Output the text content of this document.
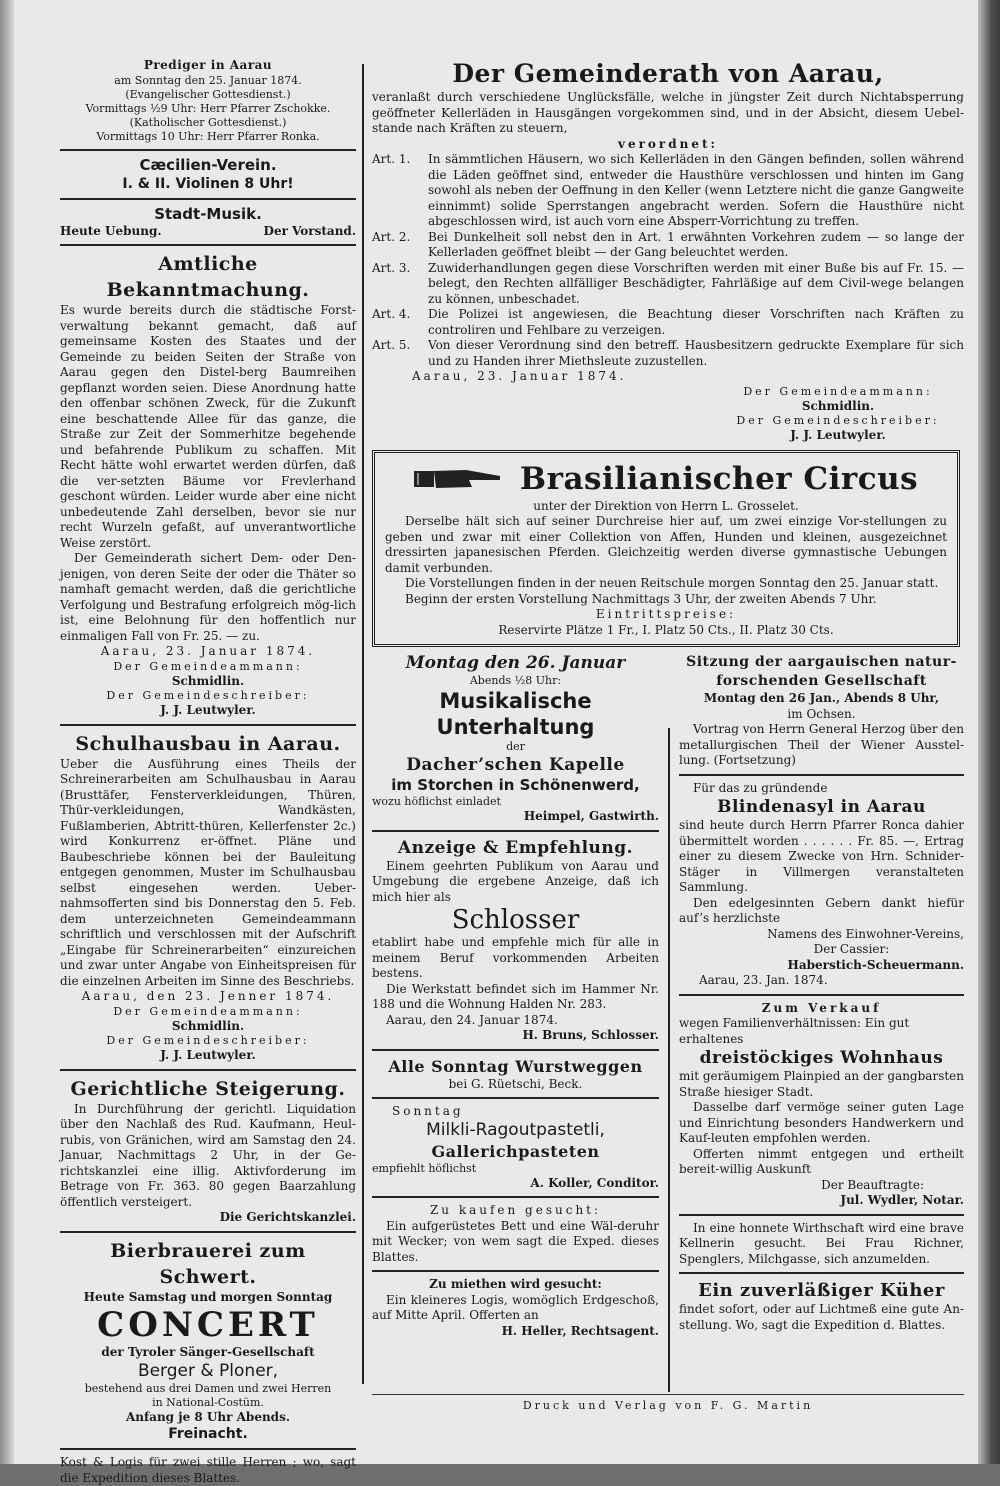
Prediger in Aarau

am Sonntag den 25. Januar 1874.

(Evangelischer Gottesdienst.)

Vormittags ½9 Uhr: Herr Pfarrer Zschokke.

(Katholischer Gottesdienst.)

Vormittags 10 Uhr: Herr Pfarrer Ronka.

Cæcilien-Verein.

I. & II. Violinen 8 Uhr!

Stadt-Musik.

Heute Uebung.	Der Vorstand.

Amtliche Bekanntmachung.

Es wurde bereits durch die städtische Forst-verwaltung bekannt gemacht, daß auf gemeinsame Kosten des Staates und der Gemeinde zu beiden Seiten der Straße von Aarau gegen den Distel-berg Baumreihen gepflanzt worden seien. Diese Anordnung hatte den offenbar schönen Zweck, für die Zukunft eine beschattende Allee für das ganze, die Straße zur Zeit der Sommerhitze begehende und befahrende Publikum zu schaffen. Mit Recht hätte wohl erwartet werden dürfen, daß die ver-setzten Bäume vor Frevlerhand geschont würden. Leider wurde aber eine nicht unbedeutende Zahl derselben, bevor sie nur recht Wurzeln gefaßt, auf unverantwortliche Weise zerstört.

Der Gemeinderath sichert Dem- oder Den-jenigen, von deren Seite der oder die Thäter so namhaft gemacht werden, daß die gerichtliche Verfolgung und Bestrafung erfolgreich mög-lich ist, eine Belohnung für den hoffentlich nur einmaligen Fall von Fr. 25. — zu.

Aarau, 23. Januar 1874.

Der Gemeindeammann:

Schmidlin.

Der Gemeindeschreiber:

J. J. Leutwyler.

Schulhausbau in Aarau.

Ueber die Ausführung eines Theils der Schreinerarbeiten am Schulhausbau in Aarau (Brusttäfer, Fensterverkleidungen, Thüren, Thür-verkleidungen, Wandkästen, Fußlamberien, Abtritt-thüren, Kellerfenster 2c.) wird Konkurrenz er-öffnet. Pläne und Baubeschriebe können bei der Bauleitung entgegen genommen, Muster im Schulhausbau selbst eingesehen werden. Ueber-nahmsofferten sind bis Donnerstag den 5. Feb. dem unterzeichneten Gemeindeammann schriftlich und verschlossen mit der Aufschrift „Eingabe für Schreinerarbeiten“ einzureichen und zwar unter Angabe von Einheitspreisen für die einzelnen Arbeiten im Sinne des Beschriebs.

Aarau, den 23. Jenner 1874.

Der Gemeindeammann:

Schmidlin.

Der Gemeindeschreiber:

J. J. Leutwyler.

Gerichtliche Steigerung.

In Durchführung der gerichtl. Liquidation über den Nachlaß des Rud. Kaufmann, Heul-rubis, von Gränichen, wird am Samstag den 24. Januar, Nachmittags 2 Uhr, in der Ge-richtskanzlei eine illig. Aktivforderung im Betrage von Fr. 363. 80 gegen Baarzahlung öffentlich versteigert.

Die Gerichtskanzlei.

Bierbrauerei zum Schwert.

Heute Samstag und morgen Sonntag

CONCERT

der Tyroler Sänger-Gesellschaft

Berger & Ploner,

bestehend aus drei Damen und zwei Herren

in National-Costüm.

Anfang je 8 Uhr Abends.

Freinacht.

Kost & Logis für zwei stille Herren ; wo, sagt die Expedition dieses Blattes.

Der Gemeinderath von Aarau,

veranlaßt durch verschiedene Unglücksfälle, welche in jüngster Zeit durch Nichtabsperrung geöffneter Kellerläden in Hausgängen vorgekommen sind, und in der Absicht, diesem Uebel-stande nach Kräften zu steuern,

verordnet:

Art. 1.	In sämmtlichen Häusern, wo sich Kellerläden in den Gängen befinden, sollen während die Läden geöffnet sind, entweder die Hausthüre verschlossen und hinten im Gang sowohl als neben der Oeffnung in den Keller (wenn Letztere nicht die ganze Gangweite einnimmt) solide Sperrstangen angebracht werden. Sofern die Hausthüre nicht abgeschlossen wird, ist auch vorn eine Absperr-Vorrichtung zu treffen.
Art. 2.	Bei Dunkelheit soll nebst den in Art. 1 erwähnten Vorkehren zudem — so lange der Kellerladen geöffnet bleibt — der Gang beleuchtet werden.
Art. 3.	Zuwiderhandlungen gegen diese Vorschriften werden mit einer Buße bis auf Fr. 15. — belegt, den Rechten allfälliger Beschädigter, Fahrläßige auf dem Civil-wege belangen zu können, unbeschadet.
Art. 4.	Die Polizei ist angewiesen, die Beachtung dieser Vorschriften nach Kräften zu controliren und Fehlbare zu verzeigen.
Art. 5.	Von dieser Verordnung sind den betreff. Hausbesitzern gedruckte Exemplare für sich und zu Handen ihrer Miethsleute zuzustellen.

Aarau, 23. Januar 1874.

Der Gemeindeammann:

Schmidlin.

Der Gemeindeschreiber:

J. J. Leutwyler.

Brasilianischer Circus

unter der Direktion von Herrn L. Grosselet.

Derselbe hält sich auf seiner Durchreise hier auf, um zwei einzige Vor-stellungen zu geben und zwar mit einer Collektion von Affen, Hunden und kleinen, ausgezeichnet dressirten japanesischen Pferden. Gleichzeitig werden diverse gymnastische Uebungen damit verbunden.

Die Vorstellungen finden in der neuen Reitschule morgen Sonntag den 25. Januar statt.

Beginn der ersten Vorstellung Nachmittags 3 Uhr, der zweiten Abends 7 Uhr.

Eintrittspreise:

Reservirte Plätze 1 Fr., I. Platz 50 Cts., II. Platz 30 Cts.

Montag den 26. Januar

Abends ½8 Uhr:

Musikalische Unterhaltung

der

Dacher’schen Kapelle

im Storchen in Schönenwerd,

wozu höflichst einladet

Heimpel, Gastwirth.

Anzeige & Empfehlung.

Einem geehrten Publikum von Aarau und Umgebung die ergebene Anzeige, daß ich mich hier als

Schlosser

etablirt habe und empfehle mich für alle in meinem Beruf vorkommenden Arbeiten bestens.

Die Werkstatt befindet sich im Hammer Nr. 188 und die Wohnung Halden Nr. 283.

Aarau, den 24. Januar 1874.

H. Bruns, Schlosser.

Alle Sonntag Wurstweggen

bei G. Rüetschi, Beck.

Sonntag

Milkli-Ragoutpastetli,

Gallerichpasteten

empfiehlt höflichst

A. Koller, Conditor.

Zu kaufen gesucht:

Ein aufgerüstetes Bett und eine Wäl-deruhr mit Wecker; von wem sagt die Exped. dieses Blattes.

Zu miethen wird gesucht:

Ein kleineres Logis, womöglich Erdgeschoß, auf Mitte April. Offerten an

H. Heller, Rechtsagent.

Sitzung der aargauischen natur-

forschenden Gesellschaft

Montag den 26 Jan., Abends 8 Uhr,

im Ochsen.

Vortrag von Herrn General Herzog über den metallurgischen Theil der Wiener Ausstel-lung. (Fortsetzung)

Für das zu gründende

Blindenasyl in Aarau

sind heute durch Herrn Pfarrer Ronca dahier übermittelt worden . . . . . . Fr. 85. —, Ertrag einer zu diesem Zwecke von Hrn. Schnider-Stäger in Villmergen veranstalteten Sammlung.

Den edelgesinnten Gebern dankt hiefür auf’s herzlichste

Namens des Einwohner-Vereins,

Der Cassier:

Haberstich-Scheuermann.

Aarau, 23. Jan. 1874.

Zum Verkauf

wegen Familienverhältnissen: Ein gut erhaltenes

dreistöckiges Wohnhaus

mit geräumigem Plainpied an der gangbarsten Straße hiesiger Stadt.

Dasselbe darf vermöge seiner guten Lage und Einrichtung besonders Handwerkern und Kauf-leuten empfohlen werden.

Offerten nimmt entgegen und ertheilt bereit-willig Auskunft

Der Beauftragte:

Jul. Wydler, Notar.

In eine honnete Wirthschaft wird eine brave Kellnerin gesucht. Bei Frau Richner, Spenglers, Milchgasse, sich anzumelden.

Ein zuverläßiger Küher

findet sofort, oder auf Lichtmeß eine gute An-stellung. Wo, sagt die Expedition d. Blattes.

Druck und Verlag von F. G. Martin
